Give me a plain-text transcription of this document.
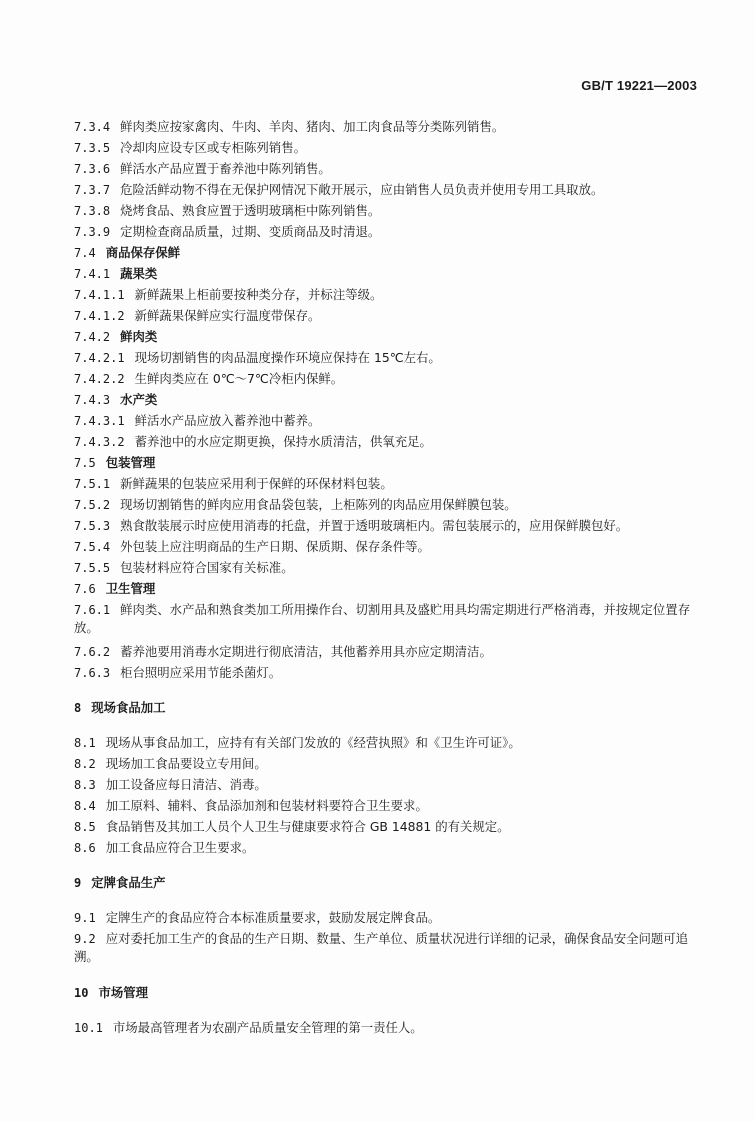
GB/T 19221—2003
7.3.4 鲜肉类应按家禽肉、牛肉、羊肉、猪肉、加工肉食品等分类陈列销售。
7.3.5 冷却肉应设专区或专柜陈列销售。
7.3.6 鲜活水产品应置于畜养池中陈列销售。
7.3.7 危险活鲜动物不得在无保护网情况下敞开展示，应由销售人员负责并使用专用工具取放。
7.3.8 烧烤食品、熟食应置于透明玻璃柜中陈列销售。
7.3.9 定期检查商品质量，过期、变质商品及时清退。
7.4 商品保存保鲜
7.4.1 蔬果类
7.4.1.1 新鲜蔬果上柜前要按种类分存，并标注等级。
7.4.1.2 新鲜蔬果保鲜应实行温度带保存。
7.4.2 鲜肉类
7.4.2.1 现场切割销售的肉品温度操作环境应保持在 15℃左右。
7.4.2.2 生鲜肉类应在 0℃～7℃冷柜内保鲜。
7.4.3 水产类
7.4.3.1 鲜活水产品应放入蓄养池中蓄养。
7.4.3.2 蓄养池中的水应定期更换，保持水质清洁，供氧充足。
7.5 包装管理
7.5.1 新鲜蔬果的包装应采用利于保鲜的环保材料包装。
7.5.2 现场切割销售的鲜肉应用食品袋包装，上柜陈列的肉品应用保鲜膜包装。
7.5.3 熟食散装展示时应使用消毒的托盘，并置于透明玻璃柜内。需包装展示的，应用保鲜膜包好。
7.5.4 外包装上应注明商品的生产日期、保质期、保存条件等。
7.5.5 包装材料应符合国家有关标准。
7.6 卫生管理
7.6.1 鲜肉类、水产品和熟食类加工所用操作台、切割用具及盛贮用具均需定期进行严格消毒，并按规定位置存放。
7.6.2 蓄养池要用消毒水定期进行彻底清洁，其他蓄养用具亦应定期清洁。
7.6.3 柜台照明应采用节能杀菌灯。
8 现场食品加工
8.1 现场从事食品加工，应持有有关部门发放的《经营执照》和《卫生许可证》。
8.2 现场加工食品要设立专用间。
8.3 加工设备应每日清洁、消毒。
8.4 加工原料、辅料、食品添加剂和包装材料要符合卫生要求。
8.5 食品销售及其加工人员个人卫生与健康要求符合 GB 14881 的有关规定。
8.6 加工食品应符合卫生要求。
9 定牌食品生产
9.1 定牌生产的食品应符合本标准质量要求，鼓励发展定牌食品。
9.2 应对委托加工生产的食品的生产日期、数量、生产单位、质量状况进行详细的记录，确保食品安全问题可追溯。
10 市场管理
10.1 市场最高管理者为农副产品质量安全管理的第一责任人。
